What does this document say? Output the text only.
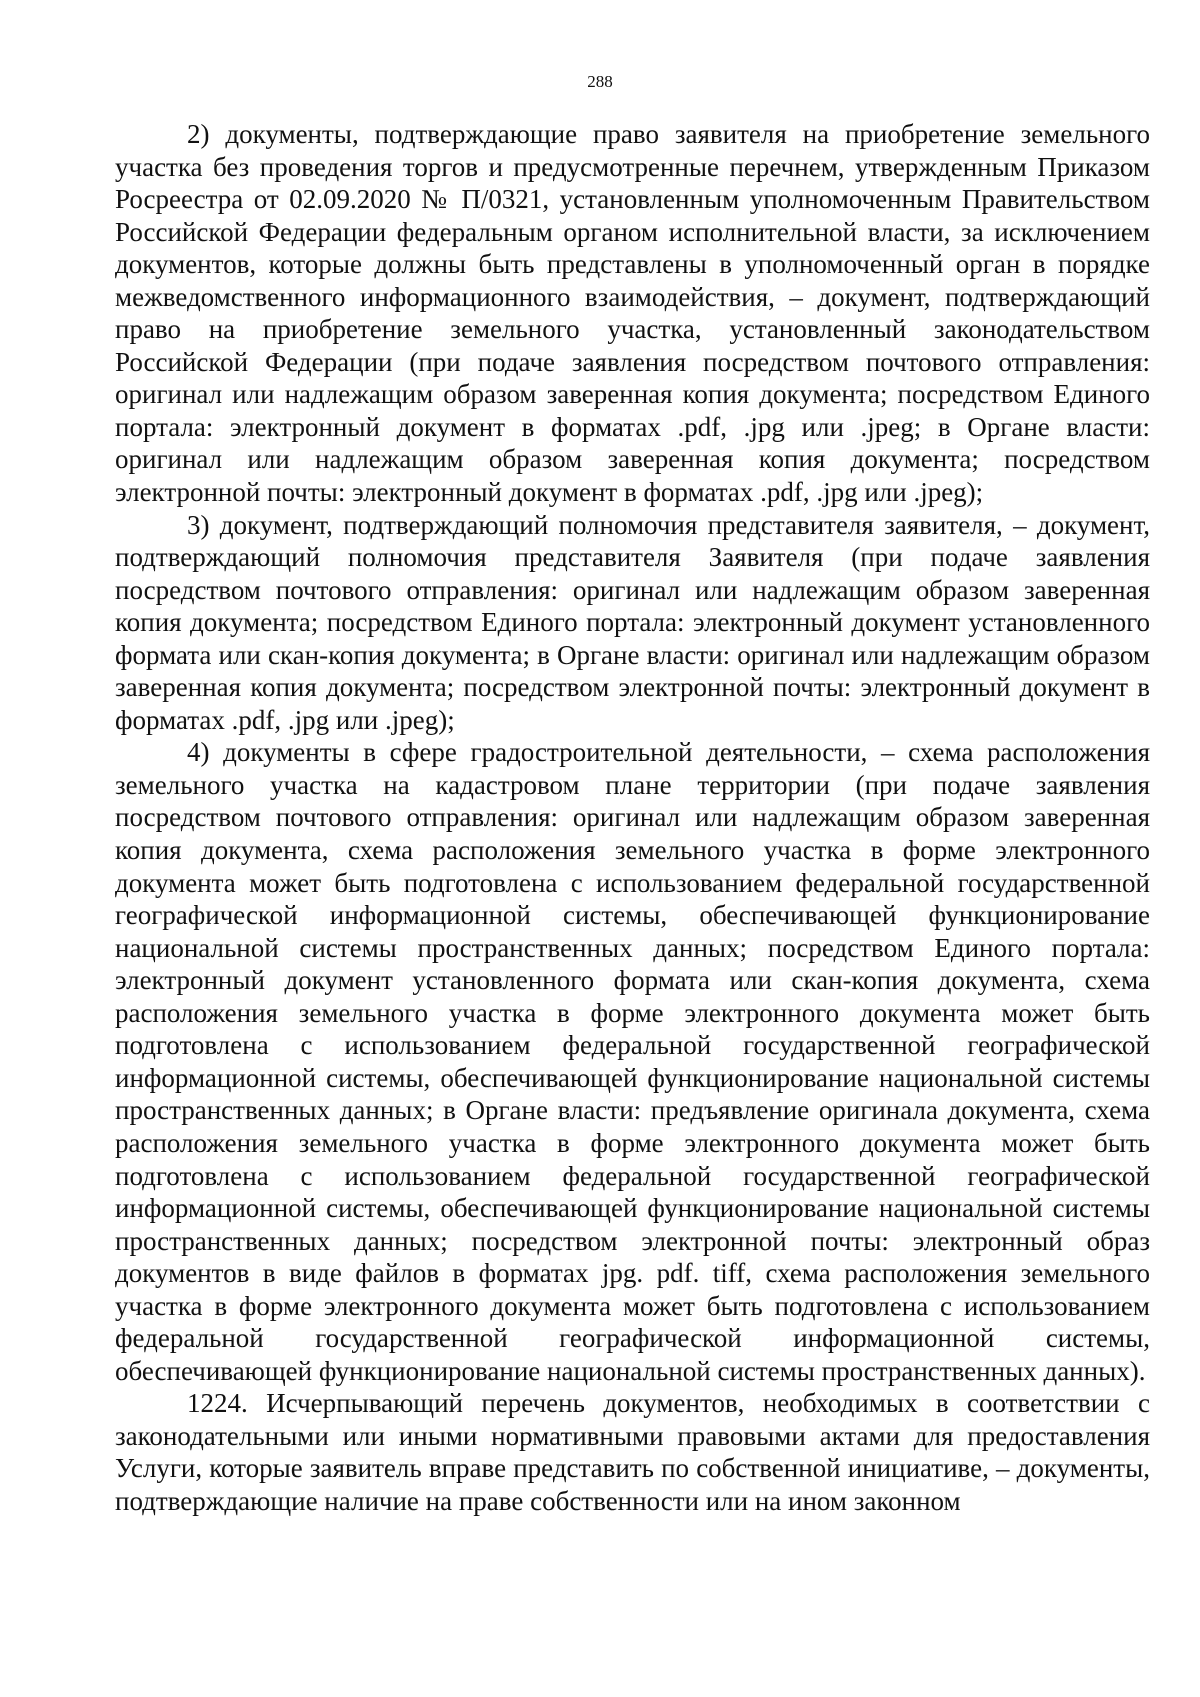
288

2) документы, подтверждающие право заявителя на приобретение земельного участка без проведения торгов и предусмотренные перечнем, утвержденным Приказом Росреестра от 02.09.2020 № П/0321, установленным уполномоченным Правительством Российской Федерации федеральным органом исполнительной власти, за исключением документов, которые должны быть представлены в уполномоченный орган в порядке межведомственного информационного взаимодействия, – документ, подтверждающий право на приобретение земельного участка, установленный законодательством Российской Федерации (при подаче заявления посредством почтового отправления: оригинал или надлежащим образом заверенная копия документа; посредством Единого портала: электронный документ в форматах .pdf, .jpg или .jpeg; в Органе власти: оригинал или надлежащим образом заверенная копия документа; посредством электронной почты: электронный документ в форматах .pdf, .jpg или .jpeg);

3) документ, подтверждающий полномочия представителя заявителя, – документ, подтверждающий полномочия представителя Заявителя (при подаче заявления посредством почтового отправления: оригинал или надлежащим образом заверенная копия документа; посредством Единого портала: электронный документ установленного формата или скан-копия документа; в Органе власти: оригинал или надлежащим образом заверенная копия документа; посредством электронной почты: электронный документ в форматах .pdf, .jpg или .jpeg);

4) документы в сфере градостроительной деятельности, – схема расположения земельного участка на кадастровом плане территории (при подаче заявления посредством почтового отправления: оригинал или надлежащим образом заверенная копия документа, схема расположения земельного участка в форме электронного документа может быть подготовлена с использованием федеральной государственной географической информационной системы, обеспечивающей функционирование национальной системы пространственных данных; посредством Единого портала: электронный документ установленного формата или скан-копия документа, схема расположения земельного участка в форме электронного документа может быть подготовлена с использованием федеральной государственной географической информационной системы, обеспечивающей функционирование национальной системы пространственных данных; в Органе власти: предъявление оригинала документа, схема расположения земельного участка в форме электронного документа может быть подготовлена с использованием федеральной государственной географической информационной системы, обеспечивающей функционирование национальной системы пространственных данных; посредством электронной почты: электронный образ документов в виде файлов в форматах jpg. pdf. tiff, схема расположения земельного участка в форме электронного документа может быть подготовлена с использованием федеральной государственной географической информационной системы, обеспечивающей функционирование национальной системы пространственных данных).

1224. Исчерпывающий перечень документов, необходимых в соответствии с законодательными или иными нормативными правовыми актами для предоставления Услуги, которые заявитель вправе представить по собственной инициативе, – документы, подтверждающие наличие на праве собственности или на ином законном
